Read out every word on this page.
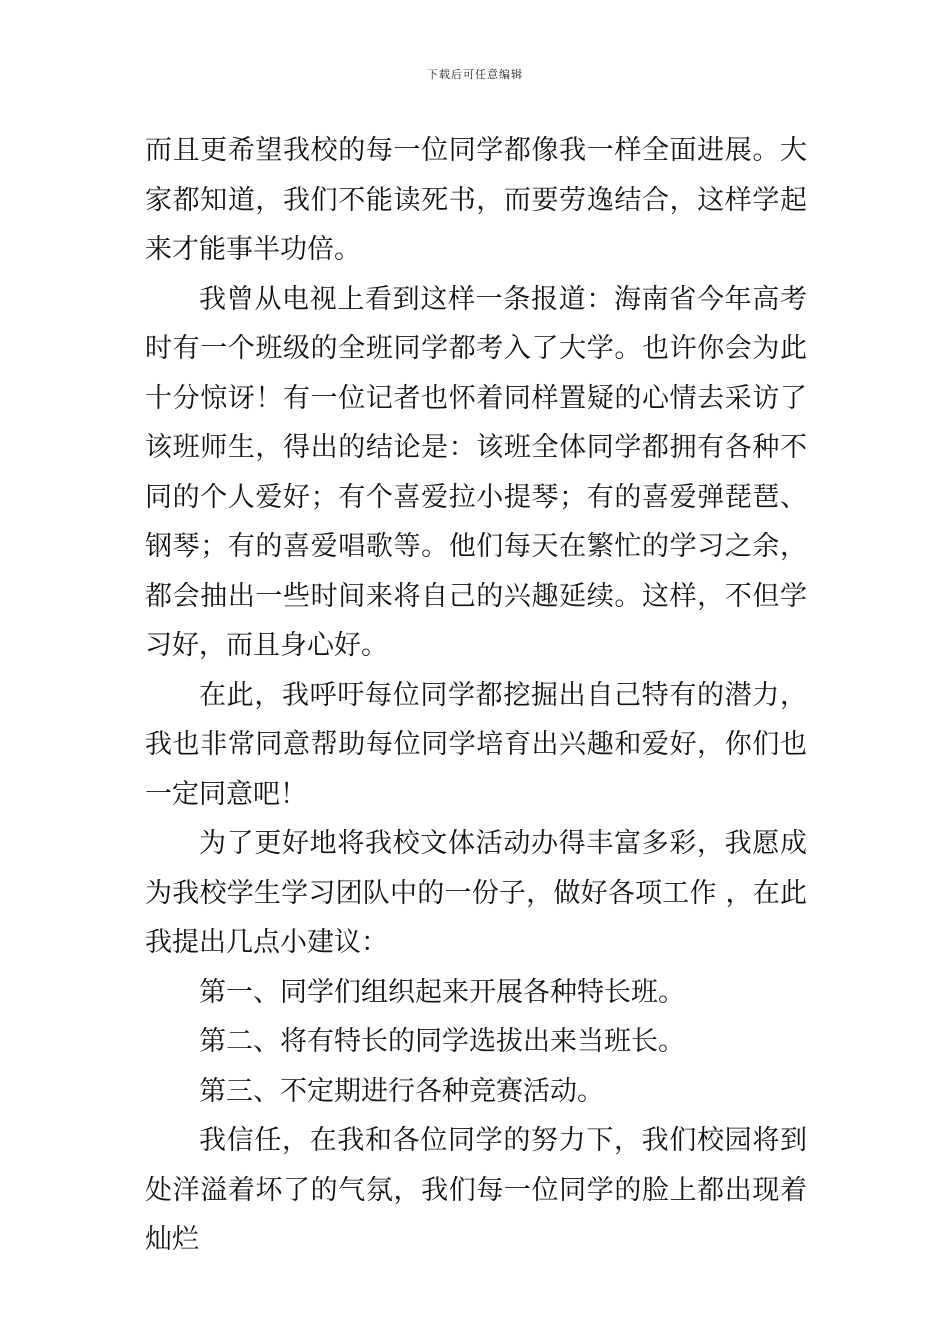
下载后可任意编辑

而且更希望我校的每一位同学都像我一样全面进展。大家都知道，我们不能读死书，而要劳逸结合，这样学起来才能事半功倍。

我曾从电视上看到这样一条报道：海南省今年高考时有一个班级的全班同学都考入了大学。也许你会为此十分惊讶！有一位记者也怀着同样置疑的心情去采访了该班师生，得出的结论是：该班全体同学都拥有各种不同的个人爱好；有个喜爱拉小提琴；有的喜爱弹琵琶、钢琴；有的喜爱唱歌等。他们每天在繁忙的学习之余，都会抽出一些时间来将自己的兴趣延续。这样，不但学习好，而且身心好。

在此，我呼吁每位同学都挖掘出自己特有的潜力，我也非常同意帮助每位同学培育出兴趣和爱好，你们也一定同意吧！

为了更好地将我校文体活动办得丰富多彩，我愿成为我校学生学习团队中的一份子，做好各项工作 ，在此我提出几点小建议：

第一、同学们组织起来开展各种特长班。

第二、将有特长的同学选拔出来当班长。

第三、不定期进行各种竞赛活动。

我信任，在我和各位同学的努力下，我们校园将到处洋溢着坏了的气氛，我们每一位同学的脸上都出现着灿烂
